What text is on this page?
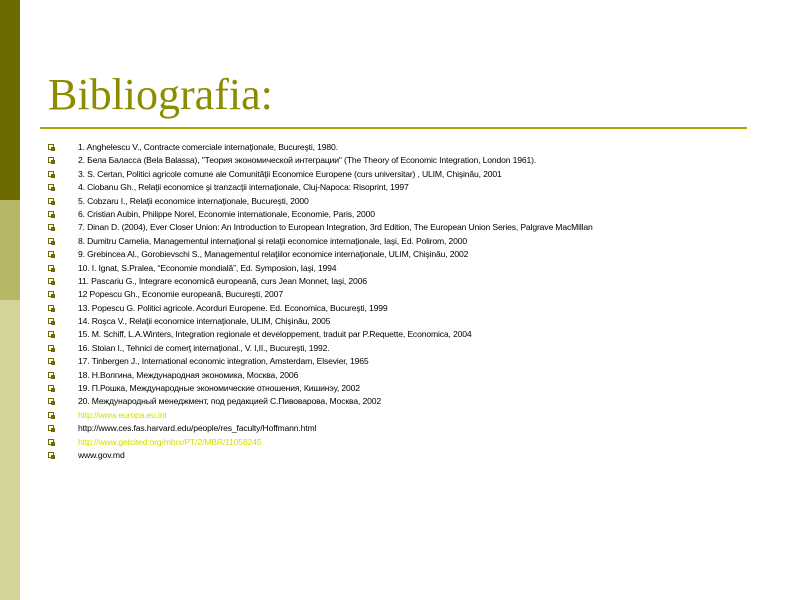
Bibliografia:
1. Anghelescu V., Contracte comerciale internaţionale, Bucureşti, 1980.
2. Бела Баласса (Bela Balassa), "Теория экономической интеграции" (The Theory of Economic Integration, London 1961).
3. S. Certan, Politici agricole comune ale Comunităţii Economice Europene (curs universitar) , ULIM, Chişinău, 2001
4. Ciobanu Gh., Relaţii economice şi tranzacţii internaţionale, Cluj-Napoca: Risoprint, 1997
5. Cobzaru I., Relaţii economice internaţionale, Bucureşti, 2000
6. Cristian Aubin, Philippe Norel, Economie internationale, Economie, Paris, 2000
7. Dinan D. (2004), Ever Closer Union: An Introduction to European Integration, 3rd Edition, The European Union Series, Palgrave MacMillan
8. Dumitru Camelia, Managementul internaţional şi relaţii economice internaţionale, Iaşi, Ed. Polirom, 2000
9. Grebincea Al., Gorobievschi S., Managementul relaţiilor economice internaţionale, ULIM, Chişinău, 2002
10. I. Ignat, S.Pralea, “Economie mondială”, Ed. Symposion, Iaşi, 1994
11. Pascariu G., Integrare economică europeană, curs Jean Monnet, Iaşi, 2006
12 Popescu Gh., Economie europeană, Bucureşti, 2007
13. Popescu G. Politici agricole. Acorduri Europene. Ed. Economica, Bucureşti, 1999
14. Roşca V., Relaţii economice internaţionale, ULIM, Chişinău, 2005
15. M. Schiff, L.A.Winters, Integration regionale et developpement, traduit par P.Requette, Economica, 2004
16. Stoian I., Tehnici de comerţ internaţional., V. I,II., Bucureşti, 1992.
17. Tinbergen J., International economic integration, Amsterdam, Elsevier, 1965
18. Н.Волгина, Международная экономика, Москва, 2006
19. П.Рошка, Международные экономические отношения, Кишинэу, 2002
20. Международный менеджмент, под редакцией С.Пивоварова, Москва, 2002
http://www.europa.eu.int
http://www.ces.fas.harvard.edu/people/res_faculty/Hoffmann.html
http://www.getcited.org/mbrx/PT/2/MBR/11058245
www.gov.md
